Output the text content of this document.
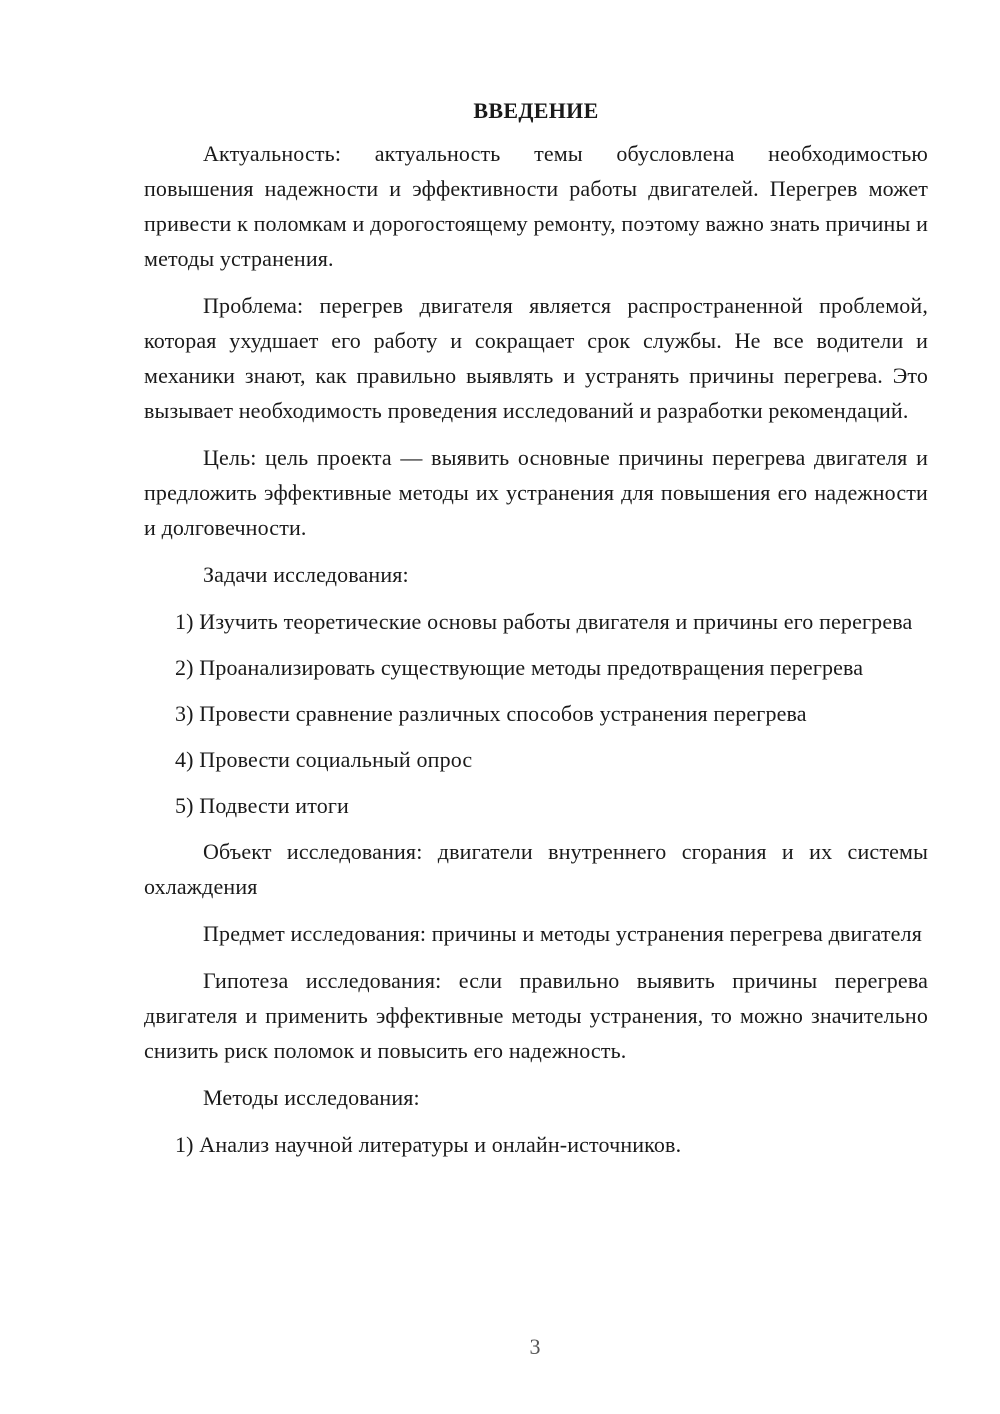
ВВЕДЕНИЕ

Актуальность: актуальность темы обусловлена необходимостью повышения надежности и эффективности работы двигателей. Перегрев может привести к поломкам и дорогостоящему ремонту, поэтому важно знать причины и методы устранения.

Проблема: перегрев двигателя является распространенной проблемой, которая ухудшает его работу и сокращает срок службы. Не все водители и механики знают, как правильно выявлять и устранять причины перегрева. Это вызывает необходимость проведения исследований и разработки рекомендаций.

Цель: цель проекта — выявить основные причины перегрева двигателя и предложить эффективные методы их устранения для повышения его надежности и долговечности.

Задачи исследования:

1) Изучить теоретические основы работы двигателя и причины его перегрева

2) Проанализировать существующие методы предотвращения перегрева

3) Провести сравнение различных способов устранения перегрева

4) Провести социальный опрос

5) Подвести итоги

Объект исследования: двигатели внутреннего сгорания и их системы охлаждения

Предмет исследования: причины и методы устранения перегрева двигателя

Гипотеза исследования: если правильно выявить причины перегрева двигателя и применить эффективные методы устранения, то можно значительно снизить риск поломок и повысить его надежность.

Методы исследования:

1) Анализ научной литературы и онлайн-источников.

3
